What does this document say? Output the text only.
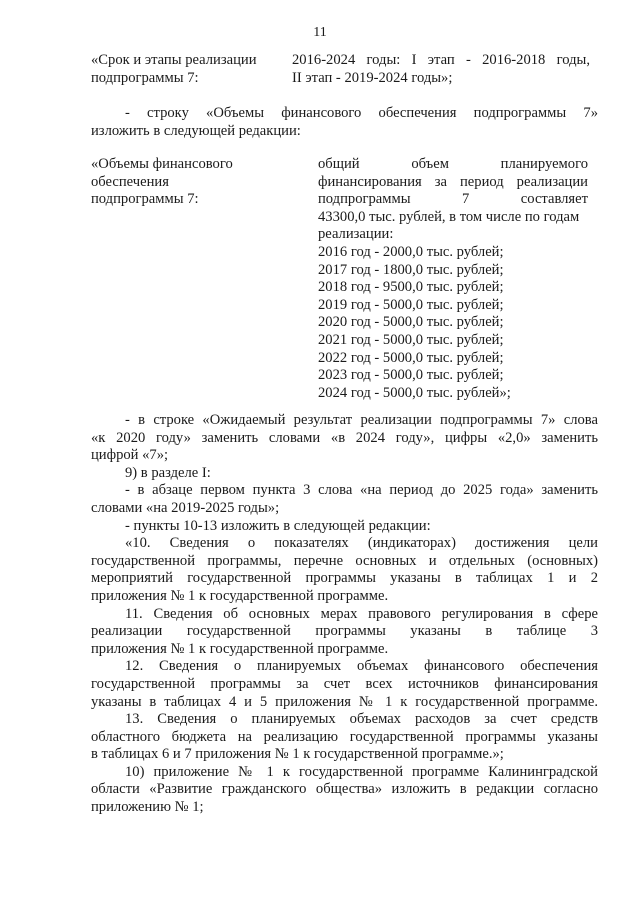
11
«Срок и этапы реализации
подпрограммы 7:
2016-2024 годы: I этап - 2016-2018 годы,
II этап - 2019-2024 годы»;
- строку «Объемы финансового обеспечения подпрограммы 7»
изложить в следующей редакции:
«Объемы финансового
обеспечения
подпрограммы 7:
общий объем планируемого
финансирования за период реализации
подпрограммы 7 составляет
43300,0 тыс. рублей, в том числе по годам
реализации:
2016 год - 2000,0 тыс. рублей;
2017 год - 1800,0 тыс. рублей;
2018 год - 9500,0 тыс. рублей;
2019 год - 5000,0 тыс. рублей;
2020 год - 5000,0 тыс. рублей;
2021 год - 5000,0 тыс. рублей;
2022 год - 5000,0 тыс. рублей;
2023 год - 5000,0 тыс. рублей;
2024 год - 5000,0 тыс. рублей»;
- в строке «Ожидаемый результат реализации подпрограммы 7» слова
«к 2020 году» заменить словами «в 2024 году», цифры «2,0» заменить
цифрой «7»;
9) в разделе I:
- в абзаце первом пункта 3 слова «на период до 2025 года» заменить
словами «на 2019-2025 годы»;
- пункты 10-13 изложить в следующей редакции:
«10. Сведения о показателях (индикаторах) достижения цели
государственной программы, перечне основных и отдельных (основных)
мероприятий государственной программы указаны в таблицах 1 и 2
приложения № 1 к государственной программе.
11. Сведения об основных мерах правового регулирования в сфере
реализации государственной программы указаны в таблице 3
приложения № 1 к государственной программе.
12. Сведения о планируемых объемах финансового обеспечения
государственной программы за счет всех источников финансирования
указаны в таблицах 4 и 5 приложения № 1 к государственной программе.
13. Сведения о планируемых объемах расходов за счет средств
областного бюджета на реализацию государственной программы указаны
в таблицах 6 и 7 приложения № 1 к государственной программе.»;
10) приложение № 1 к государственной программе Калининградской
области «Развитие гражданского общества» изложить в редакции согласно
приложению № 1;
